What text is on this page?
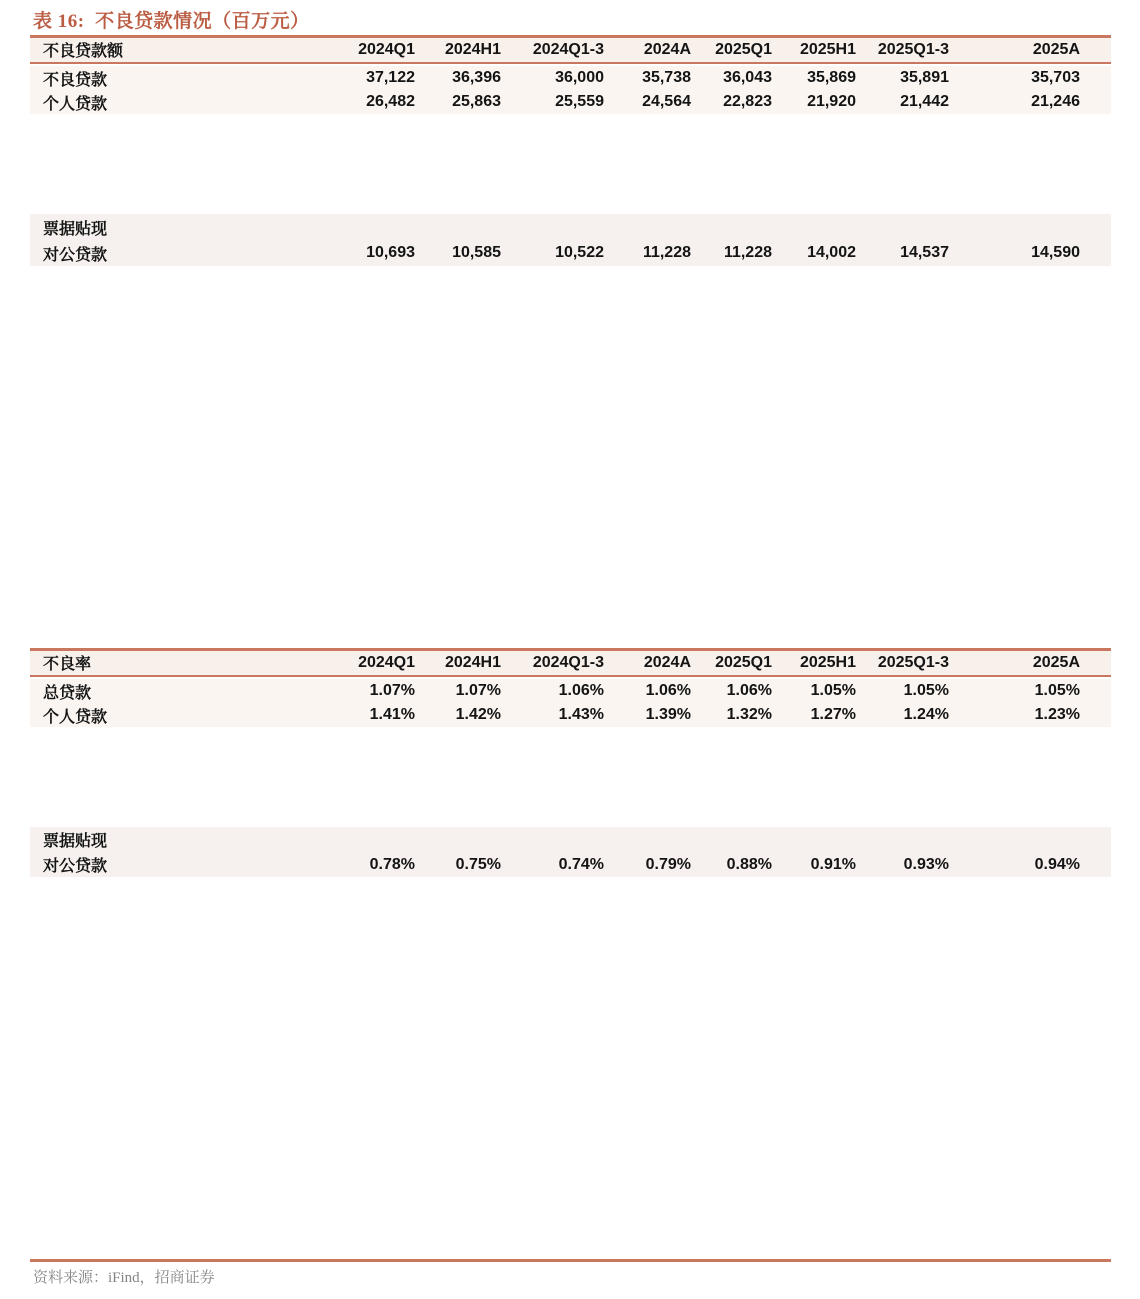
表 16:  不良贷款情况（百万元）
不良贷款额	2024Q1	2024H1	2024Q1-3	2024A	2025Q1	2025H1	2025Q1-3	2025A
不良贷款	37,122	36,396	36,000	35,738	36,043	35,869	35,891	35,703
个人贷款	26,482	25,863	25,559	24,564	22,823	21,920	21,442	21,246
票据贴现								
对公贷款	10,693	10,585	10,522	11,228	11,228	14,002	14,537	14,590
不良率	2024Q1	2024H1	2024Q1-3	2024A	2025Q1	2025H1	2025Q1-3	2025A
总贷款	1.07%	1.07%	1.06%	1.06%	1.06%	1.05%	1.05%	1.05%
个人贷款	1.41%	1.42%	1.43%	1.39%	1.32%	1.27%	1.24%	1.23%
票据贴现								
对公贷款	0.78%	0.75%	0.74%	0.79%	0.88%	0.91%	0.93%	0.94%
资料来源：iFind，招商证券
